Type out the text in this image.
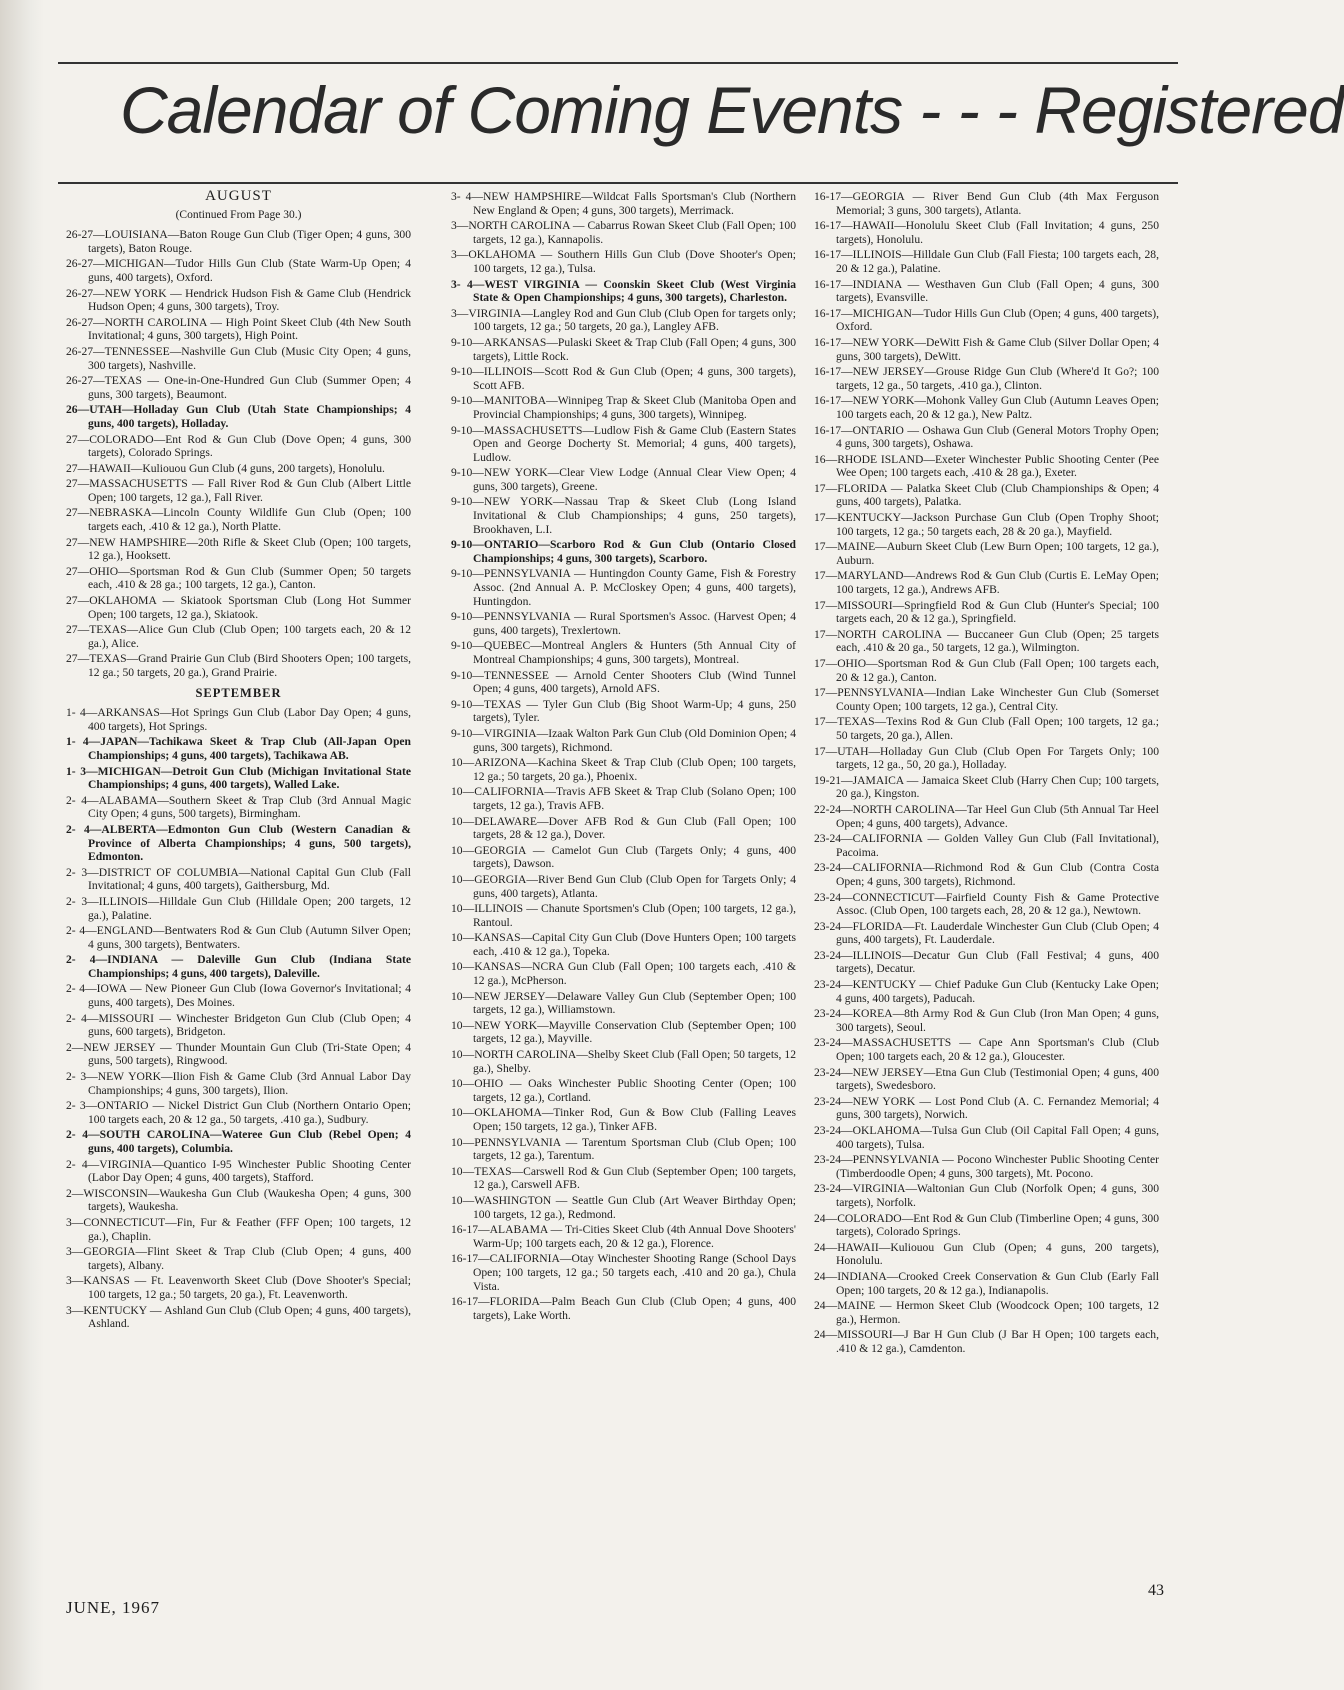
Calendar of Coming Events - - - Registered
AUGUST
(Continued From Page 30.)
26-27—LOUISIANA—Baton Rouge Gun Club (Tiger Open; 4 guns, 300 targets), Baton Rouge.
26-27—MICHIGAN—Tudor Hills Gun Club (State Warm-Up Open; 4 guns, 400 targets), Oxford.
26-27—NEW YORK — Hendrick Hudson Fish & Game Club (Hendrick Hudson Open; 4 guns, 300 targets), Troy.
26-27—NORTH CAROLINA — High Point Skeet Club (4th New South Invitational; 4 guns, 300 targets), High Point.
26-27—TENNESSEE—Nashville Gun Club (Music City Open; 4 guns, 300 targets), Nashville.
26-27—TEXAS — One-in-One-Hundred Gun Club (Summer Open; 4 guns, 300 targets), Beaumont.
26—UTAH—Holladay Gun Club (Utah State Championships; 4 guns, 400 targets), Holladay.
27—COLORADO—Ent Rod & Gun Club (Dove Open; 4 guns, 300 targets), Colorado Springs.
27—HAWAII—Kuliouou Gun Club (4 guns, 200 targets), Honolulu.
27—MASSACHUSETTS — Fall River Rod & Gun Club (Albert Little Open; 100 targets, 12 ga.), Fall River.
27—NEBRASKA—Lincoln County Wildlife Gun Club (Open; 100 targets each, .410 & 12 ga.), North Platte.
27—NEW HAMPSHIRE—20th Rifle & Skeet Club (Open; 100 targets, 12 ga.), Hooksett.
27—OHIO—Sportsman Rod & Gun Club (Summer Open; 50 targets each, .410 & 28 ga.; 100 targets, 12 ga.), Canton.
27—OKLAHOMA — Skiatook Sportsman Club (Long Hot Summer Open; 100 targets, 12 ga.), Skiatook.
27—TEXAS—Alice Gun Club (Club Open; 100 targets each, 20 & 12 ga.), Alice.
27—TEXAS—Grand Prairie Gun Club (Bird Shooters Open; 100 targets, 12 ga.; 50 targets, 20 ga.), Grand Prairie.
SEPTEMBER
1- 4—ARKANSAS—Hot Springs Gun Club (Labor Day Open; 4 guns, 400 targets), Hot Springs.
1- 4—JAPAN—Tachikawa Skeet & Trap Club (All-Japan Open Championships; 4 guns, 400 targets), Tachikawa AB.
1- 3—MICHIGAN—Detroit Gun Club (Michigan Invitational State Championships; 4 guns, 400 targets), Walled Lake.
2- 4—ALABAMA—Southern Skeet & Trap Club (3rd Annual Magic City Open; 4 guns, 500 targets), Birmingham.
2- 4—ALBERTA—Edmonton Gun Club (Western Canadian & Province of Alberta Championships; 4 guns, 500 targets), Edmonton.
2- 3—DISTRICT OF COLUMBIA—National Capital Gun Club (Fall Invitational; 4 guns, 400 targets), Gaithersburg, Md.
2- 3—ILLINOIS—Hilldale Gun Club (Hilldale Open; 200 targets, 12 ga.), Palatine.
2- 4—ENGLAND—Bentwaters Rod & Gun Club (Autumn Silver Open; 4 guns, 300 targets), Bentwaters.
2- 4—INDIANA — Daleville Gun Club (Indiana State Championships; 4 guns, 400 targets), Daleville.
2- 4—IOWA — New Pioneer Gun Club (Iowa Governor's Invitational; 4 guns, 400 targets), Des Moines.
2- 4—MISSOURI — Winchester Bridgeton Gun Club (Club Open; 4 guns, 600 targets), Bridgeton.
2—NEW JERSEY — Thunder Mountain Gun Club (Tri-State Open; 4 guns, 500 targets), Ringwood.
2- 3—NEW YORK—Ilion Fish & Game Club (3rd Annual Labor Day Championships; 4 guns, 300 targets), Ilion.
2- 3—ONTARIO — Nickel District Gun Club (Northern Ontario Open; 100 targets each, 20 & 12 ga., 50 targets, .410 ga.), Sudbury.
2- 4—SOUTH CAROLINA—Wateree Gun Club (Rebel Open; 4 guns, 400 targets), Columbia.
2- 4—VIRGINIA—Quantico I-95 Winchester Public Shooting Center (Labor Day Open; 4 guns, 400 targets), Stafford.
2—WISCONSIN—Waukesha Gun Club (Waukesha Open; 4 guns, 300 targets), Waukesha.
3—CONNECTICUT—Fin, Fur & Feather (FFF Open; 100 targets, 12 ga.), Chaplin.
3—GEORGIA—Flint Skeet & Trap Club (Club Open; 4 guns, 400 targets), Albany.
3—KANSAS — Ft. Leavenworth Skeet Club (Dove Shooter's Special; 100 targets, 12 ga.; 50 targets, 20 ga.), Ft. Leavenworth.
3—KENTUCKY — Ashland Gun Club (Club Open; 4 guns, 400 targets), Ashland.
3- 4—NEW HAMPSHIRE—Wildcat Falls Sportsman's Club (Northern New England & Open; 4 guns, 300 targets), Merrimack.
3—NORTH CAROLINA — Cabarrus Rowan Skeet Club (Fall Open; 100 targets, 12 ga.), Kannapolis.
3—OKLAHOMA — Southern Hills Gun Club (Dove Shooter's Open; 100 targets, 12 ga.), Tulsa.
3- 4—WEST VIRGINIA — Coonskin Skeet Club (West Virginia State & Open Championships; 4 guns, 300 targets), Charleston.
3—VIRGINIA—Langley Rod and Gun Club (Club Open for targets only; 100 targets, 12 ga.; 50 targets, 20 ga.), Langley AFB.
9-10—ARKANSAS—Pulaski Skeet & Trap Club (Fall Open; 4 guns, 300 targets), Little Rock.
9-10—ILLINOIS—Scott Rod & Gun Club (Open; 4 guns, 300 targets), Scott AFB.
9-10—MANITOBA—Winnipeg Trap & Skeet Club (Manitoba Open and Provincial Championships; 4 guns, 300 targets), Winnipeg.
9-10—MASSACHUSETTS—Ludlow Fish & Game Club (Eastern States Open and George Docherty St. Memorial; 4 guns, 400 targets), Ludlow.
9-10—NEW YORK—Clear View Lodge (Annual Clear View Open; 4 guns, 300 targets), Greene.
9-10—NEW YORK—Nassau Trap & Skeet Club (Long Island Invitational & Club Championships; 4 guns, 250 targets), Brookhaven, L.I.
9-10—ONTARIO—Scarboro Rod & Gun Club (Ontario Closed Championships; 4 guns, 300 targets), Scarboro.
9-10—PENNSYLVANIA — Huntingdon County Game, Fish & Forestry Assoc. (2nd Annual A. P. McCloskey Open; 4 guns, 400 targets), Huntingdon.
9-10—PENNSYLVANIA — Rural Sportsmen's Assoc. (Harvest Open; 4 guns, 400 targets), Trexlertown.
9-10—QUEBEC—Montreal Anglers & Hunters (5th Annual City of Montreal Championships; 4 guns, 300 targets), Montreal.
9-10—TENNESSEE — Arnold Center Shooters Club (Wind Tunnel Open; 4 guns, 400 targets), Arnold AFS.
9-10—TEXAS — Tyler Gun Club (Big Shoot Warm-Up; 4 guns, 250 targets), Tyler.
9-10—VIRGINIA—Izaak Walton Park Gun Club (Old Dominion Open; 4 guns, 300 targets), Richmond.
10—ARIZONA—Kachina Skeet & Trap Club (Club Open; 100 targets, 12 ga.; 50 targets, 20 ga.), Phoenix.
10—CALIFORNIA—Travis AFB Skeet & Trap Club (Solano Open; 100 targets, 12 ga.), Travis AFB.
10—DELAWARE—Dover AFB Rod & Gun Club (Fall Open; 100 targets, 28 & 12 ga.), Dover.
10—GEORGIA — Camelot Gun Club (Targets Only; 4 guns, 400 targets), Dawson.
10—GEORGIA—River Bend Gun Club (Club Open for Targets Only; 4 guns, 400 targets), Atlanta.
10—ILLINOIS — Chanute Sportsmen's Club (Open; 100 targets, 12 ga.), Rantoul.
10—KANSAS—Capital City Gun Club (Dove Hunters Open; 100 targets each, .410 & 12 ga.), Topeka.
10—KANSAS—NCRA Gun Club (Fall Open; 100 targets each, .410 & 12 ga.), McPherson.
10—NEW JERSEY—Delaware Valley Gun Club (September Open; 100 targets, 12 ga.), Williamstown.
10—NEW YORK—Mayville Conservation Club (September Open; 100 targets, 12 ga.), Mayville.
10—NORTH CAROLINA—Shelby Skeet Club (Fall Open; 50 targets, 12 ga.), Shelby.
10—OHIO — Oaks Winchester Public Shooting Center (Open; 100 targets, 12 ga.), Cortland.
10—OKLAHOMA—Tinker Rod, Gun & Bow Club (Falling Leaves Open; 150 targets, 12 ga.), Tinker AFB.
10—PENNSYLVANIA — Tarentum Sportsman Club (Club Open; 100 targets, 12 ga.), Tarentum.
10—TEXAS—Carswell Rod & Gun Club (September Open; 100 targets, 12 ga.), Carswell AFB.
10—WASHINGTON — Seattle Gun Club (Art Weaver Birthday Open; 100 targets, 12 ga.), Redmond.
16-17—ALABAMA — Tri-Cities Skeet Club (4th Annual Dove Shooters' Warm-Up; 100 targets each, 20 & 12 ga.), Florence.
16-17—CALIFORNIA—Otay Winchester Shooting Range (School Days Open; 100 targets, 12 ga.; 50 targets each, .410 and 20 ga.), Chula Vista.
16-17—FLORIDA—Palm Beach Gun Club (Club Open; 4 guns, 400 targets), Lake Worth.
16-17—GEORGIA — River Bend Gun Club (4th Max Ferguson Memorial; 3 guns, 300 targets), Atlanta.
16-17—HAWAII—Honolulu Skeet Club (Fall Invitation; 4 guns, 250 targets), Honolulu.
16-17—ILLINOIS—Hilldale Gun Club (Fall Fiesta; 100 targets each, 28, 20 & 12 ga.), Palatine.
16-17—INDIANA — Westhaven Gun Club (Fall Open; 4 guns, 300 targets), Evansville.
16-17—MICHIGAN—Tudor Hills Gun Club (Open; 4 guns, 400 targets), Oxford.
16-17—NEW YORK—DeWitt Fish & Game Club (Silver Dollar Open; 4 guns, 300 targets), DeWitt.
16-17—NEW JERSEY—Grouse Ridge Gun Club (Where'd It Go?; 100 targets, 12 ga., 50 targets, .410 ga.), Clinton.
16-17—NEW YORK—Mohonk Valley Gun Club (Autumn Leaves Open; 100 targets each, 20 & 12 ga.), New Paltz.
16-17—ONTARIO — Oshawa Gun Club (General Motors Trophy Open; 4 guns, 300 targets), Oshawa.
16—RHODE ISLAND—Exeter Winchester Public Shooting Center (Pee Wee Open; 100 targets each, .410 & 28 ga.), Exeter.
17—FLORIDA — Palatka Skeet Club (Club Championships & Open; 4 guns, 400 targets), Palatka.
17—KENTUCKY—Jackson Purchase Gun Club (Open Trophy Shoot; 100 targets, 12 ga.; 50 targets each, 28 & 20 ga.), Mayfield.
17—MAINE—Auburn Skeet Club (Lew Burn Open; 100 targets, 12 ga.), Auburn.
17—MARYLAND—Andrews Rod & Gun Club (Curtis E. LeMay Open; 100 targets, 12 ga.), Andrews AFB.
17—MISSOURI—Springfield Rod & Gun Club (Hunter's Special; 100 targets each, 20 & 12 ga.), Springfield.
17—NORTH CAROLINA — Buccaneer Gun Club (Open; 25 targets each, .410 & 20 ga., 50 targets, 12 ga.), Wilmington.
17—OHIO—Sportsman Rod & Gun Club (Fall Open; 100 targets each, 20 & 12 ga.), Canton.
17—PENNSYLVANIA—Indian Lake Winchester Gun Club (Somerset County Open; 100 targets, 12 ga.), Central City.
17—TEXAS—Texins Rod & Gun Club (Fall Open; 100 targets, 12 ga.; 50 targets, 20 ga.), Allen.
17—UTAH—Holladay Gun Club (Club Open For Targets Only; 100 targets, 12 ga., 50, 20 ga.), Holladay.
19-21—JAMAICA — Jamaica Skeet Club (Harry Chen Cup; 100 targets, 20 ga.), Kingston.
22-24—NORTH CAROLINA—Tar Heel Gun Club (5th Annual Tar Heel Open; 4 guns, 400 targets), Advance.
23-24—CALIFORNIA — Golden Valley Gun Club (Fall Invitational), Pacoima.
23-24—CALIFORNIA—Richmond Rod & Gun Club (Contra Costa Open; 4 guns, 300 targets), Richmond.
23-24—CONNECTICUT—Fairfield County Fish & Game Protective Assoc. (Club Open, 100 targets each, 28, 20 & 12 ga.), Newtown.
23-24—FLORIDA—Ft. Lauderdale Winchester Gun Club (Club Open; 4 guns, 400 targets), Ft. Lauderdale.
23-24—ILLINOIS—Decatur Gun Club (Fall Festival; 4 guns, 400 targets), Decatur.
23-24—KENTUCKY — Chief Paduke Gun Club (Kentucky Lake Open; 4 guns, 400 targets), Paducah.
23-24—KOREA—8th Army Rod & Gun Club (Iron Man Open; 4 guns, 300 targets), Seoul.
23-24—MASSACHUSETTS — Cape Ann Sportsman's Club (Club Open; 100 targets each, 20 & 12 ga.), Gloucester.
23-24—NEW JERSEY—Etna Gun Club (Testimonial Open; 4 guns, 400 targets), Swedesboro.
23-24—NEW YORK — Lost Pond Club (A. C. Fernandez Memorial; 4 guns, 300 targets), Norwich.
23-24—OKLAHOMA—Tulsa Gun Club (Oil Capital Fall Open; 4 guns, 400 targets), Tulsa.
23-24—PENNSYLVANIA — Pocono Winchester Public Shooting Center (Timberdoodle Open; 4 guns, 300 targets), Mt. Pocono.
23-24—VIRGINIA—Waltonian Gun Club (Norfolk Open; 4 guns, 300 targets), Norfolk.
24—COLORADO—Ent Rod & Gun Club (Timberline Open; 4 guns, 300 targets), Colorado Springs.
24—HAWAII—Kuliouou Gun Club (Open; 4 guns, 200 targets), Honolulu.
24—INDIANA—Crooked Creek Conservation & Gun Club (Early Fall Open; 100 targets, 20 & 12 ga.), Indianapolis.
24—MAINE — Hermon Skeet Club (Woodcock Open; 100 targets, 12 ga.), Hermon.
24—MISSOURI—J Bar H Gun Club (J Bar H Open; 100 targets each, .410 & 12 ga.), Camdenton.
JUNE, 1967
43
